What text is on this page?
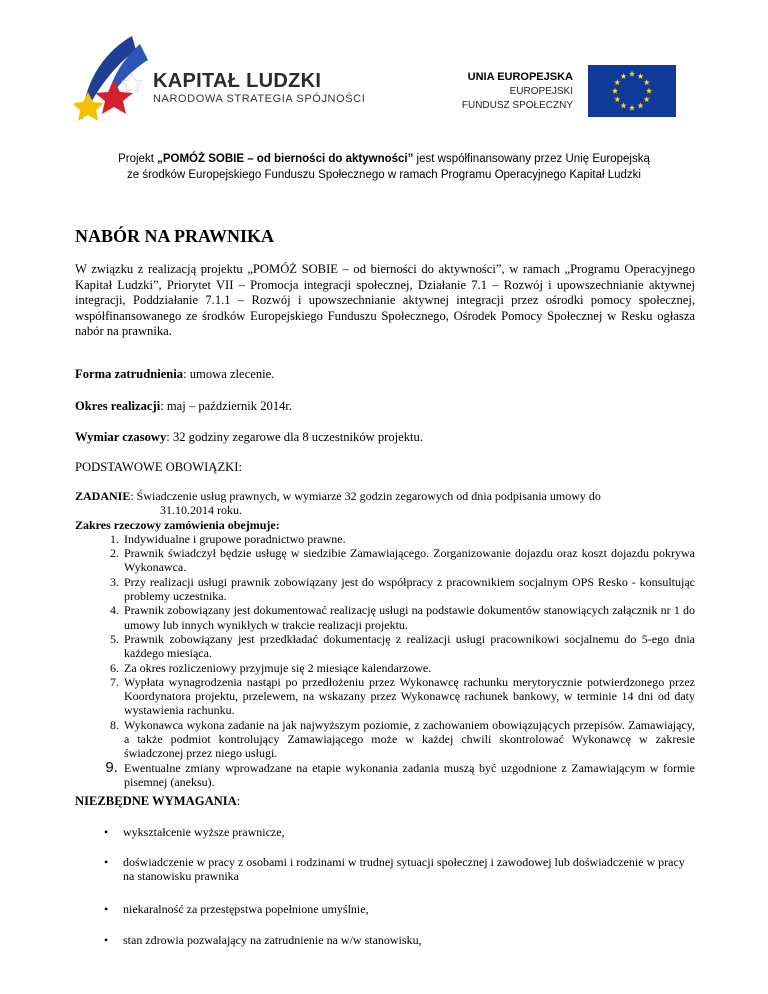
KAPITAŁ LUDZKI
NARODOWA STRATEGIA SPÓJNOŚCI
UNIA EUROPEJSKA
EUROPEJSKI
FUNDUSZ SPOŁECZNY
Projekt „POMÓŻ SOBIE – od bierności do aktywności” jest współfinansowany przez Unię Europejską
ze środków Europejskiego Funduszu Społecznego w ramach Programu Operacyjnego Kapitał Ludzki
NABÓR NA PRAWNIKA
W związku z realizacją projektu „POMÓŻ SOBIE – od bierności do aktywności”, w ramach „Programu Operacyjnego Kapitał Ludzki”, Priorytet VII – Promocja integracji społecznej, Działanie 7.1 – Rozwój i upowszechnianie aktywnej integracji, Poddziałanie 7.1.1 – Rozwój i upowszechnianie aktywnej integracji przez ośrodki pomocy społecznej, współfinansowanego ze środków Europejskiego Funduszu Społecznego, Ośrodek Pomocy Społecznej w Resku ogłasza nabór na prawnika.
Forma zatrudnienia: umowa zlecenie.
Okres realizacji: maj – październik 2014r.
Wymiar czasowy: 32 godziny zegarowe dla 8 uczestników projektu.
PODSTAWOWE OBOWIĄZKI:
ZADANIE: Świadczenie usług prawnych, w wymiarze 32 godzin zegarowych od dnia podpisania umowy do
31.10.2014 roku.
Zakres rzeczowy zamówienia obejmuje:
1. Indywidualne i grupowe poradnictwo prawne.
2. Prawnik świadczył będzie usługę w siedzibie Zamawiającego. Zorganizowanie dojazdu oraz koszt dojazdu pokrywa Wykonawca.
3. Przy realizacji usługi prawnik zobowiązany jest do współpracy z pracownikiem socjalnym OPS Resko - konsultując problemy uczestnika.
4. Prawnik zobowiązany jest dokumentować realizację usługi na podstawie dokumentów stanowiących załącznik nr 1 do umowy lub innych wynikłych w trakcie realizacji projektu.
5. Prawnik zobowiązany jest przedkładać dokumentację z realizacji usługi pracownikowi socjalnemu do 5-ego dnia każdego miesiąca.
6. Za okres rozliczeniowy przyjmuje się 2 miesiące kalendarzowe.
7. Wypłata wynagrodzenia nastąpi po przedłożeniu przez Wykonawcę rachunku merytorycznie potwierdzonego przez Koordynatora projektu, przelewem, na wskazany przez Wykonawcę rachunek bankowy, w terminie 14 dni od daty wystawienia rachunku.
8. Wykonawca wykona zadanie na jak najwyższym poziomie, z zachowaniem obowiązujących przepisów. Zamawiający, a także podmiot kontrolujący Zamawiającego może w każdej chwili skontrolować Wykonawcę w zakresie świadczonej przez niego usługi.
9. Ewentualne zmiany wprowadzane na etapie wykonania zadania muszą być uzgodnione z Zamawiającym w formie pisemnej (aneksu).
NIEZBĘDNE WYMAGANIA:
•	wykształcenie wyższe prawnicze,
•	doświadczenie w pracy z osobami i rodzinami w trudnej sytuacji społecznej i zawodowej lub doświadczenie w pracy na stanowisku prawnika
•	niekaralność za przestępstwa popełnione umyślnie,
•	stan zdrowia pozwalający na zatrudnienie na w/w stanowisku,
